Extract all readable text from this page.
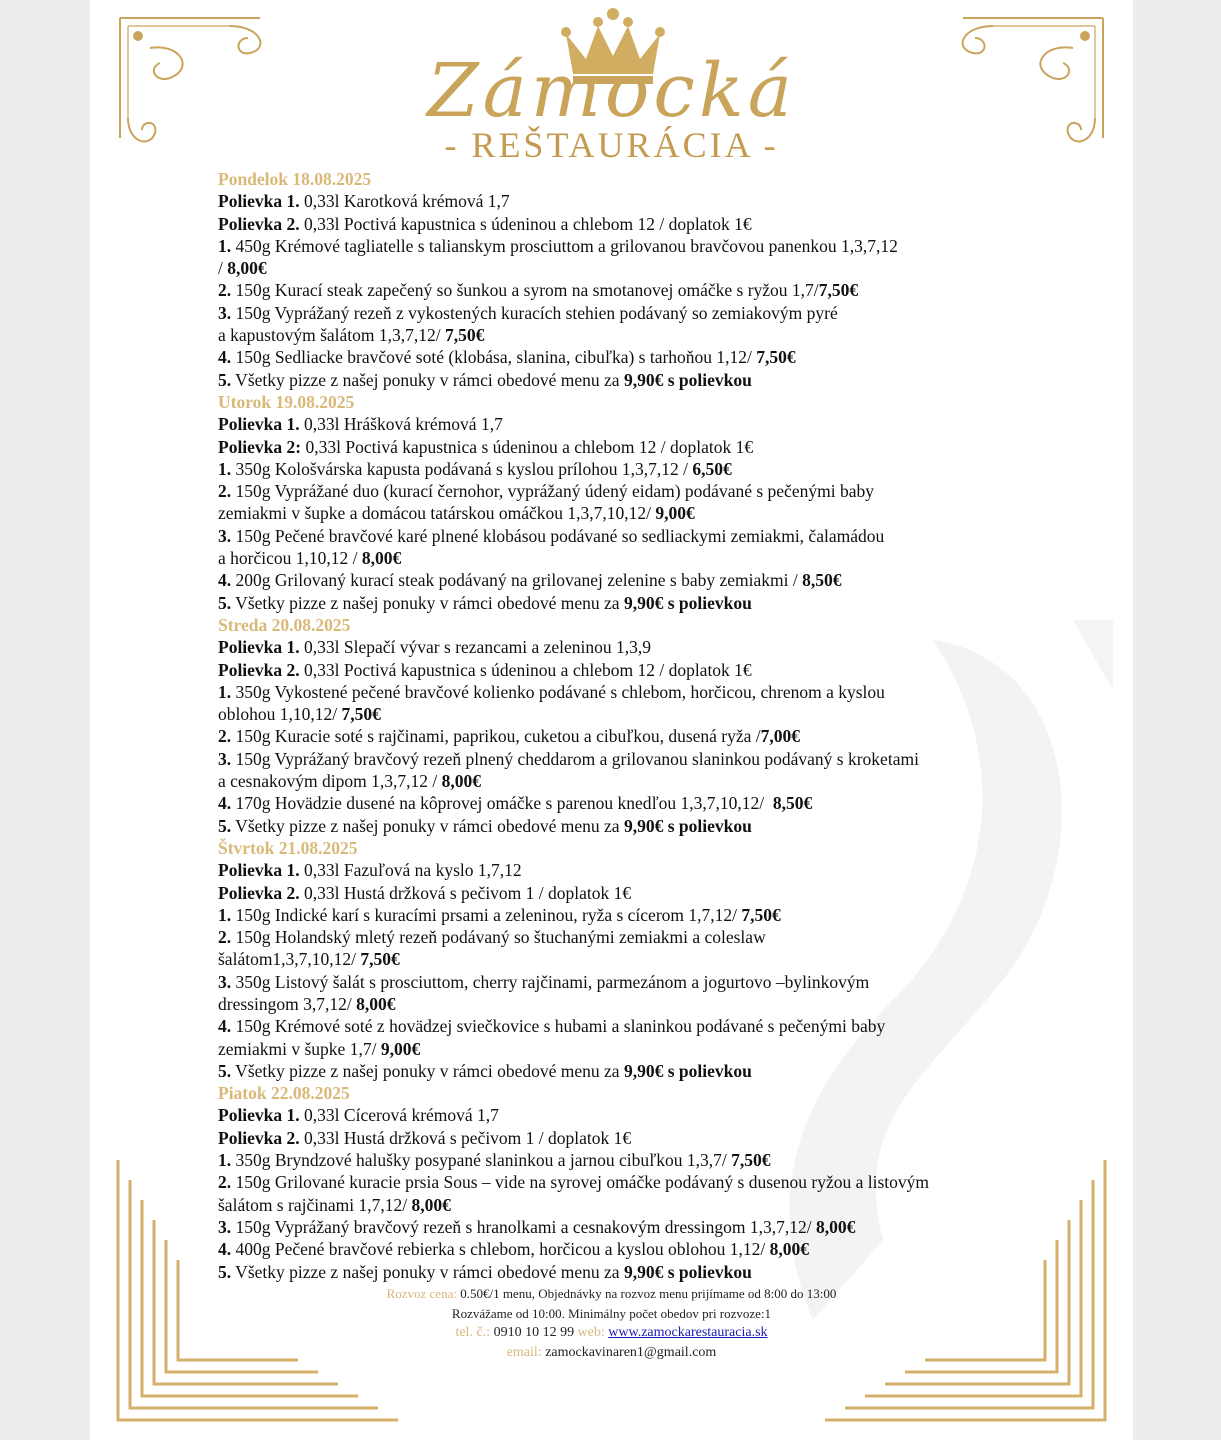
Zámocká
- REŠTAURÁCIA -
Pondelok 18.08.2025
Polievka 1. 0,33l Karotková krémová 1,7
Polievka 2. 0,33l Poctivá kapustnica s údeninou a chlebom 12 / doplatok 1€
1. 450g Krémové tagliatelle s talianskym prosciuttom a grilovanou bravčovou panenkou 1,3,7,12
/ 8,00€
2. 150g Kurací steak zapečený so šunkou a syrom na smotanovej omáčke s ryžou 1,7/7,50€
3. 150g Vyprážaný rezeň z vykostených kuracích stehien podávaný so zemiakovým pyré
a kapustovým šalátom 1,3,7,12/ 7,50€
4. 150g Sedliacke bravčové soté (klobása, slanina, cibuľka) s tarhoňou 1,12/ 7,50€
5. Všetky pizze z našej ponuky v rámci obedové menu za 9,90€ s polievkou
Utorok 19.08.2025
Polievka 1. 0,33l Hrášková krémová 1,7
Polievka 2: 0,33l Poctivá kapustnica s údeninou a chlebom 12 / doplatok 1€
1. 350g Kološvárska kapusta podávaná s kyslou prílohou 1,3,7,12 / 6,50€
2. 150g Vyprážané duo (kurací černohor, vyprážaný údený eidam) podávané s pečenými baby
zemiakmi v šupke a domácou tatárskou omáčkou 1,3,7,10,12/ 9,00€
3. 150g Pečené bravčové karé plnené klobásou podávané so sedliackymi zemiakmi, čalamádou
a horčicou 1,10,12 / 8,00€
4. 200g Grilovaný kurací steak podávaný na grilovanej zelenine s baby zemiakmi / 8,50€
5. Všetky pizze z našej ponuky v rámci obedové menu za 9,90€ s polievkou
Streda 20.08.2025
Polievka 1. 0,33l Slepačí vývar s rezancami a zeleninou 1,3,9
Polievka 2. 0,33l Poctivá kapustnica s údeninou a chlebom 12 / doplatok 1€
1. 350g Vykostené pečené bravčové kolienko podávané s chlebom, horčicou, chrenom a kyslou
oblohou 1,10,12/ 7,50€
2. 150g Kuracie soté s rajčinami, paprikou, cuketou a cibuľkou, dusená ryža /7,00€
3. 150g Vyprážaný bravčový rezeň plnený cheddarom a grilovanou slaninkou podávaný s kroketami
a cesnakovým dipom 1,3,7,12 / 8,00€
4. 170g Hovädzie dusené na kôprovej omáčke s parenou knedľou 1,3,7,10,12/  8,50€
5. Všetky pizze z našej ponuky v rámci obedové menu za 9,90€ s polievkou
Štvrtok 21.08.2025
Polievka 1. 0,33l Fazuľová na kyslo 1,7,12
Polievka 2. 0,33l Hustá držková s pečivom 1 / doplatok 1€
1. 150g Indické karí s kuracími prsami a zeleninou, ryža s cícerom 1,7,12/ 7,50€
2. 150g Holandský mletý rezeň podávaný so štuchanými zemiakmi a coleslaw
šalátom1,3,7,10,12/ 7,50€
3. 350g Listový šalát s prosciuttom, cherry rajčinami, parmezánom a jogurtovo –bylinkovým
dressingom 3,7,12/ 8,00€
4. 150g Krémové soté z hovädzej sviečkovice s hubami a slaninkou podávané s pečenými baby
zemiakmi v šupke 1,7/ 9,00€
5. Všetky pizze z našej ponuky v rámci obedové menu za 9,90€ s polievkou
Piatok 22.08.2025
Polievka 1. 0,33l Cícerová krémová 1,7
Polievka 2. 0,33l Hustá držková s pečivom 1 / doplatok 1€
1. 350g Bryndzové halušky posypané slaninkou a jarnou cibuľkou 1,3,7/ 7,50€
2. 150g Grilované kuracie prsia Sous – vide na syrovej omáčke podávaný s dusenou ryžou a listovým
šalátom s rajčinami 1,7,12/ 8,00€
3. 150g Vyprážaný bravčový rezeň s hranolkami a cesnakovým dressingom 1,3,7,12/ 8,00€
4. 400g Pečené bravčové rebierka s chlebom, horčicou a kyslou oblohou 1,12/ 8,00€
5. Všetky pizze z našej ponuky v rámci obedové menu za 9,90€ s polievkou
Rozvoz cena: 0.50€/1 menu, Objednávky na rozvoz menu prijímame od 8:00 do 13:00
Rozvážame od 10:00. Minimálny počet obedov pri rozvoze:1
tel. č.: 0910 10 12 99 web: www.zamockarestauracia.sk
email: zamockavinaren1@gmail.com
